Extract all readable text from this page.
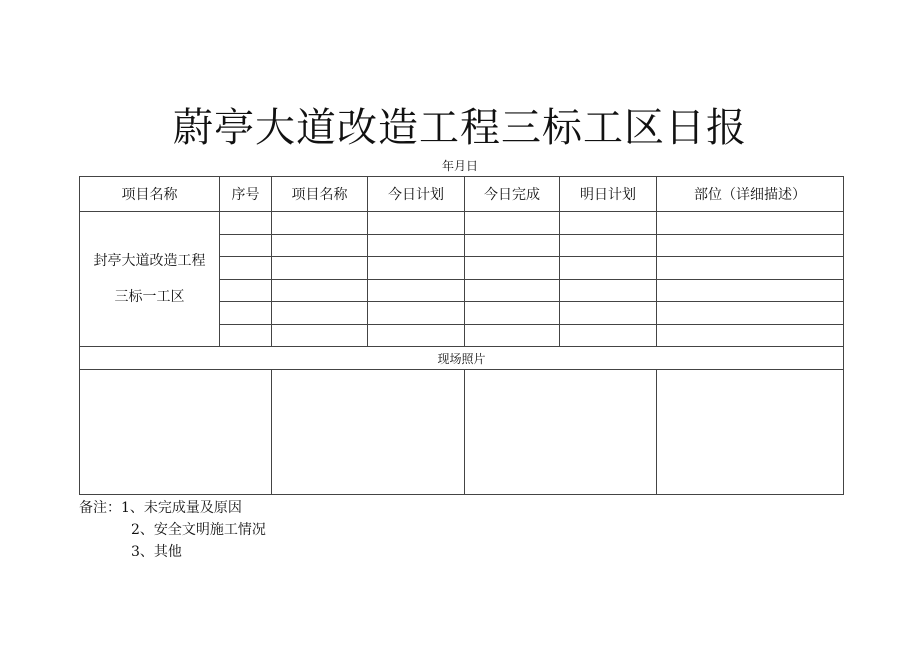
蔚亭大道改造工程三标工区日报
年月日
项目名称	序号	项目名称	今日计划	今日完成	明日计划	部位（详细描述）

封亭大道改造工程
三标一工区						

现场照片						

备注：1、未完成量及原因
2、安全文明施工情况
3、其他
